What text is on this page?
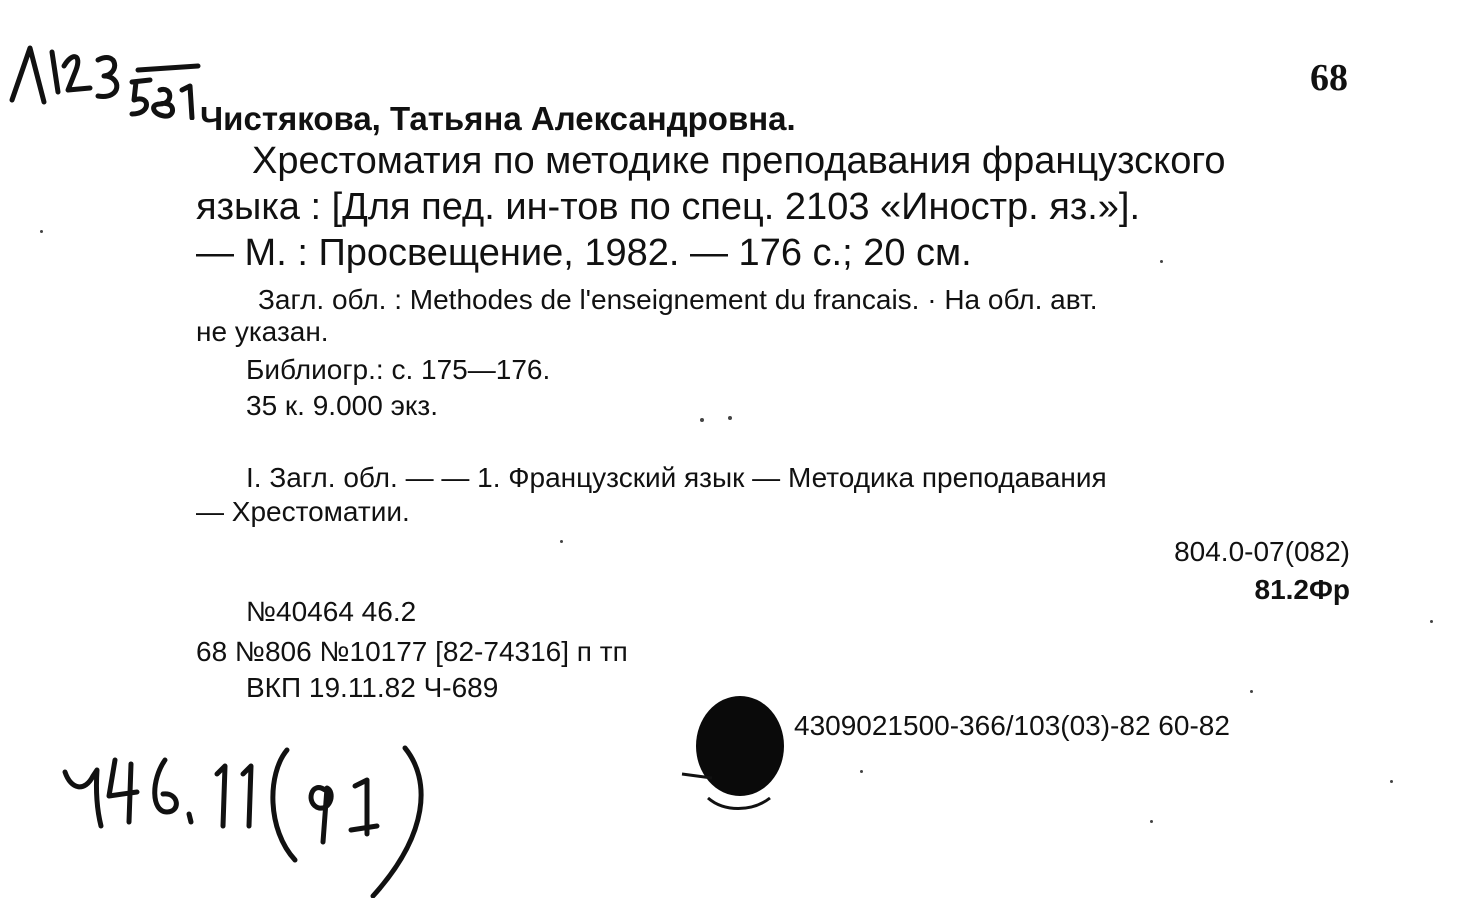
68
Чистякова, Татьяна Александровна.
Хрестоматия по методике преподавания французского
языка : [Для пед. ин-тов по спец. 2103 «Иностр. яз.»].
— М. : Просвещение, 1982. — 176 с.; 20 см.
Загл. обл. : Methodes de l'enseignement du francais. · На обл. авт.
не указан.
Библиогр.: с. 175—176.
35 к. 9.000 экз.
I. Загл. обл. — — 1. Французский язык — Методика преподавания
— Хрестоматии.
804.0-07(082)
81.2Фр
№40464 46.2
68 №806 №10177 [82-74316] п тп
ВКП 19.11.82 Ч-689
4309021500-366/103(03)-82 60-82
